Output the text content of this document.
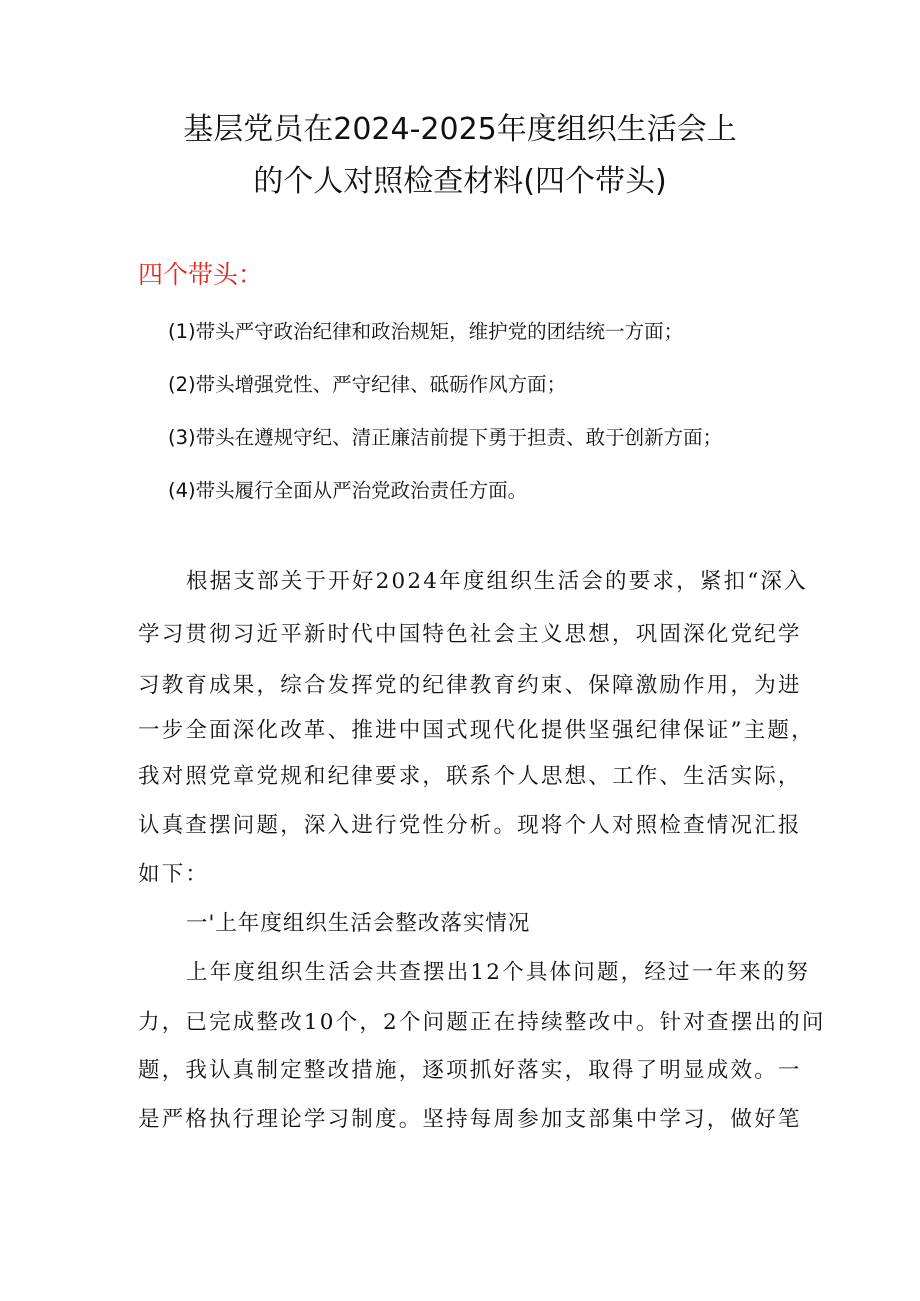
基层党员在2024-2025年度组织生活会上
的个人对照检查材料(四个带头)
四个带头：
(1)带头严守政治纪律和政治规矩，维护党的团结统一方面；
(2)带头增强党性、严守纪律、砥砺作风方面；
(3)带头在遵规守纪、清正廉洁前提下勇于担责、敢于创新方面；
(4)带头履行全面从严治党政治责任方面。
根据支部关于开好2024年度组织生活会的要求，紧扣“深入
学习贯彻习近平新时代中国特色社会主义思想，巩固深化党纪学
习教育成果，综合发挥党的纪律教育约束、保障激励作用，为进
一步全面深化改革、推进中国式现代化提供坚强纪律保证”主题，
我对照党章党规和纪律要求，联系个人思想、工作、生活实际，
认真查摆问题，深入进行党性分析。现将个人对照检查情况汇报
如下：
一'上年度组织生活会整改落实情况
上年度组织生活会共查摆出12个具体问题，经过一年来的努
力，已完成整改10个，2个问题正在持续整改中。针对查摆出的问
题，我认真制定整改措施，逐项抓好落实，取得了明显成效。一
是严格执行理论学习制度。坚持每周参加支部集中学习，做好笔
